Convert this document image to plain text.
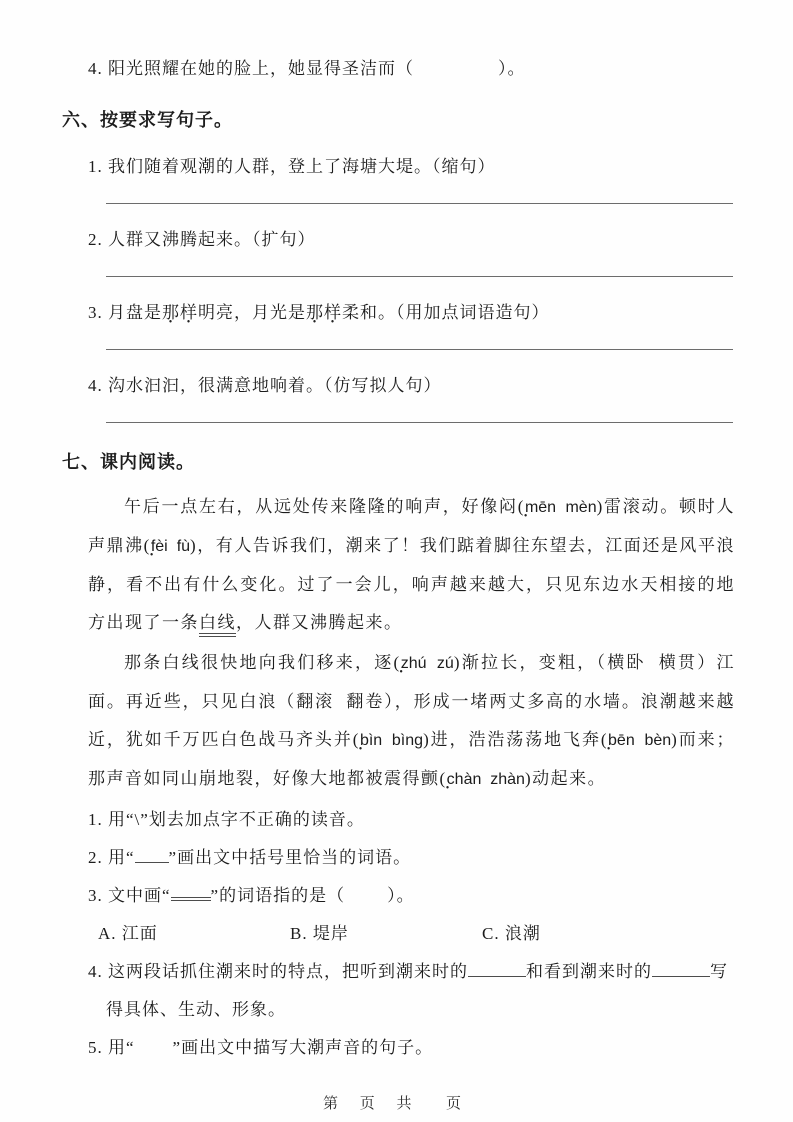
4. 阳光照耀在她的脸上，她显得圣洁而（                ）。
六、按要求写句子。
1. 我们随着观潮的人群，登上了海塘大堤。（缩句）
2. 人群又沸腾起来。（扩句）
3. 月盘是那样明亮，月光是那样柔和。（用加点词语造句）
4. 沟水汩汩，很满意地响着。（仿写拟人句）
七、课内阅读。
午后一点左右，从远处传来隆隆的响声，好像闷(mēn  mèn)雷滚动。顿时人声鼎沸(fèi  fù)，有人告诉我们，潮来了！我们踮着脚往东望去，江面还是风平浪静，看不出有什么变化。过了一会儿，响声越来越大，只见东边水天相接的地方出现了一条白线，人群又沸腾起来。
那条白线很快地向我们移来，逐(zhú  zú)渐拉长，变粗，（横卧  横贯）江面。再近些，只见白浪（翻滚  翻卷），形成一堵两丈多高的水墙。浪潮越来越近，犹如千万匹白色战马齐头并(bìn  bìng)进，浩浩荡荡地飞奔(bēn  bèn)而来；那声音如同山崩地裂，好像大地都被震得颤(chàn  zhàn)动起来。
1. 用“\”划去加点字不正确的读音。
2. 用“ ”画出文中括号里恰当的词语。
3. 文中画“ ”的词语指的是（        ）。
A. 江面	B. 堤岸	C. 浪潮
4. 这两段话抓住潮来时的特点，把听到潮来时的	和看到潮来时的	写得具体、生动、形象。
5. 用“ ”画出文中描写大潮声音的句子。
第 页 共  页
